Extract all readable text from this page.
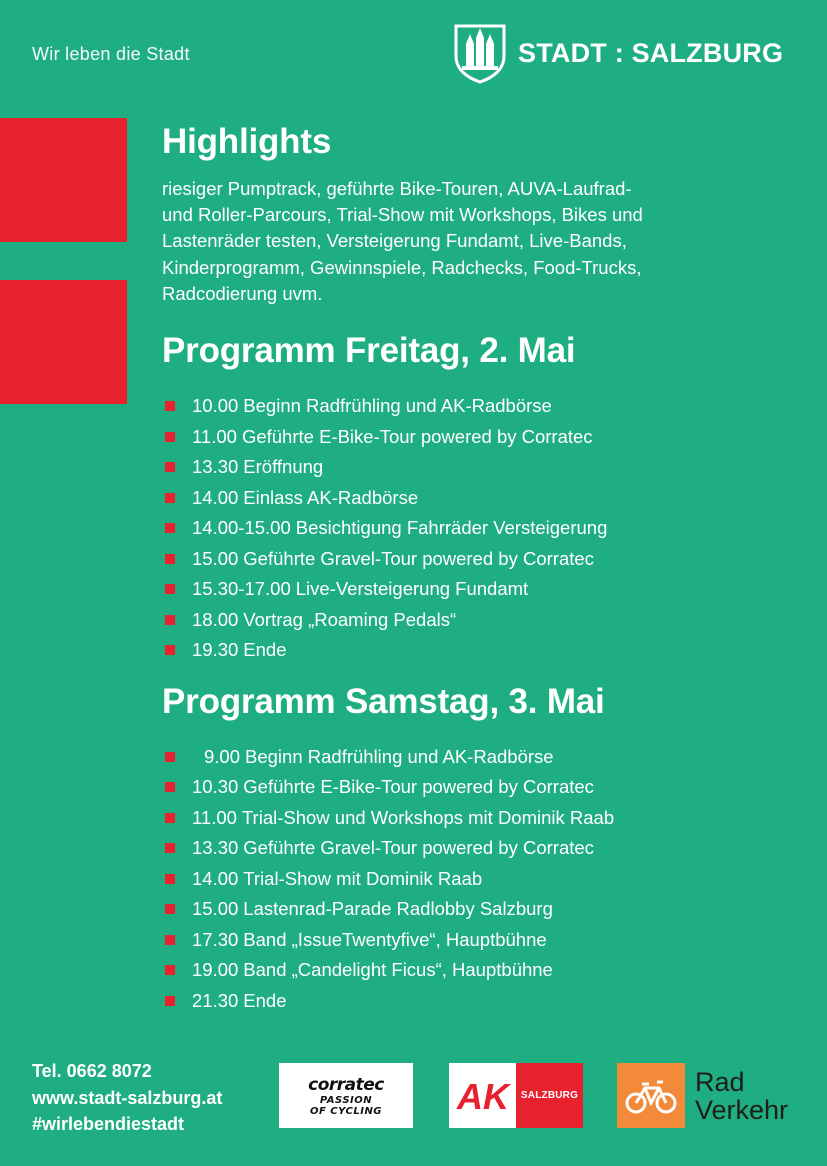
Wir leben die Stadt	STADT : SALZBURG
Highlights
riesiger Pumptrack, geführte Bike-Touren, AUVA-Laufrad-
und Roller-Parcours, Trial-Show mit Workshops, Bikes und
Lastenräder testen, Versteigerung Fundamt, Live-Bands,
Kinderprogramm, Gewinnspiele, Radchecks, Food-Trucks,
Radcodierung uvm.
Programm Freitag, 2. Mai
10.00 Beginn Radfrühling und AK-Radbörse
11.00 Geführte E-Bike-Tour powered by Corratec
13.30 Eröffnung
14.00 Einlass AK-Radbörse
14.00-15.00 Besichtigung Fahrräder Versteigerung
15.00 Geführte Gravel-Tour powered by Corratec
15.30-17.00 Live-Versteigerung Fundamt
18.00 Vortrag „Roaming Pedals“
19.30 Ende
Programm Samstag, 3. Mai
9.00 Beginn Radfrühling und AK-Radbörse
10.30 Geführte E-Bike-Tour powered by Corratec
11.00 Trial-Show und Workshops mit Dominik Raab
13.30 Geführte Gravel-Tour powered by Corratec
14.00 Trial-Show mit Dominik Raab
15.00 Lastenrad-Parade Radlobby Salzburg
17.30 Band „IssueTwentyfive“, Hauptbühne
19.00 Band „Candelight Ficus“, Hauptbühne
21.30 Ende
Tel. 0662 8072
www.stadt-salzburg.at
#wirlebendiestadt
corratec
PASSION
OF CYCLING AK	SALZBURG	Rad
Verkehr
